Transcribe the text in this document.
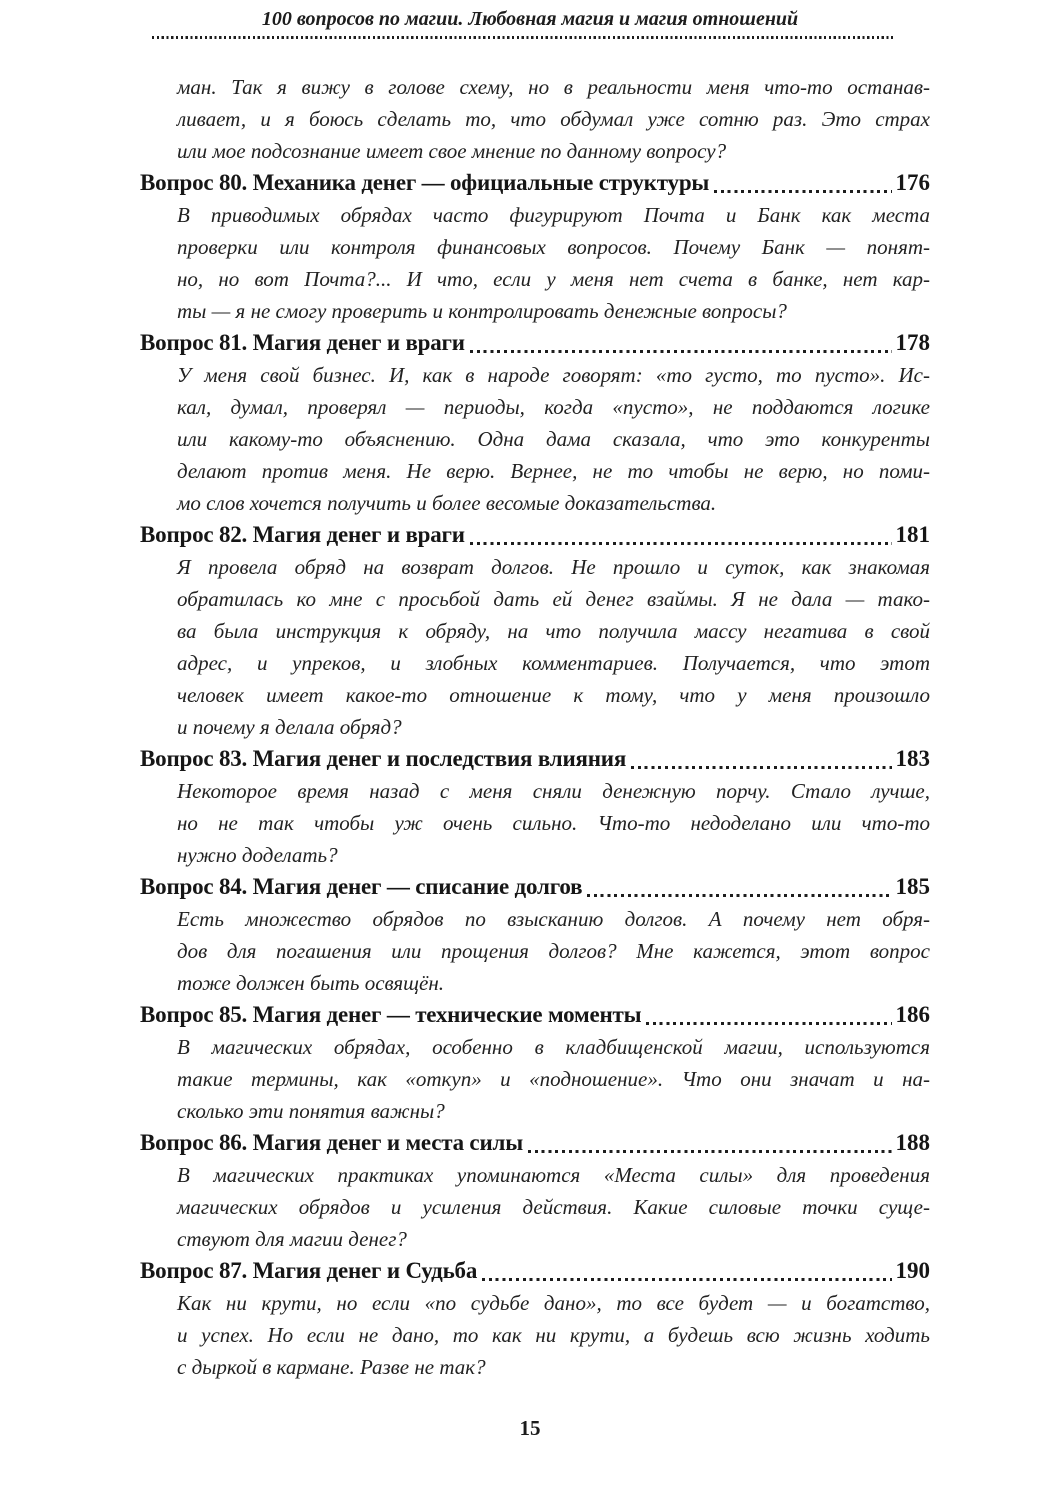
100 вопросов по магии. Любовная магия и магия отношений
ман. Так я вижу в голове схему, но в реальности меня что-то останав-
ливает, и я боюсь сделать то, что обдумал уже сотню раз. Это страх
или мое подсознание имеет свое мнение по данному вопросу?
Вопрос 80. Механика денег — официальные структуры	176
В приводимых обрядах часто фигурируют Почта и Банк как места
проверки или контроля финансовых вопросов. Почему Банк — понят-
но, но вот Почта?... И что, если у меня нет счета в банке, нет кар-
ты — я не смогу проверить и контролировать денежные вопросы?
Вопрос 81. Магия денег и враги	178
У меня свой бизнес. И, как в народе говорят: «то густо, то пусто». Ис-
кал, думал, проверял — периоды, когда «пусто», не поддаются логике
или какому-то объяснению. Одна дама сказала, что это конкуренты
делают против меня. Не верю. Вернее, не то чтобы не верю, но поми-
мо слов хочется получить и более весомые доказательства.
Вопрос 82. Магия денег и враги	181
Я провела обряд на возврат долгов. Не прошло и суток, как знакомая
обратилась ко мне с просьбой дать ей денег взаймы. Я не дала — тако-
ва была инструкция к обряду, на что получила массу негатива в свой
адрес, и упреков, и злобных комментариев. Получается, что этот
человек имеет какое-то отношение к тому, что у меня произошло
и почему я делала обряд?
Вопрос 83. Магия денег и последствия влияния	183
Некоторое время назад с меня сняли денежную порчу. Стало лучше,
но не так чтобы уж очень сильно. Что-то недоделано или что-то
нужно доделать?
Вопрос 84. Магия денег — списание долгов	185
Есть множество обрядов по взысканию долгов. А почему нет обря-
дов для погашения или прощения долгов? Мне кажется, этот вопрос
тоже должен быть освящён.
Вопрос 85. Магия денег — технические моменты	186
В магических обрядах, особенно в кладбищенской магии, используются
такие термины, как «откуп» и «подношение». Что они значат и на-
сколько эти понятия важны?
Вопрос 86. Магия денег и места силы	188
В магических практиках упоминаются «Места силы» для проведения
магических обрядов и усиления действия. Какие силовые точки суще-
ствуют для магии денег?
Вопрос 87. Магия денег и Судьба	190
Как ни крути, но если «по судьбе дано», то все будет — и богатство,
и успех. Но если не дано, то как ни крути, а будешь всю жизнь ходить
с дыркой в кармане. Разве не так?
15
